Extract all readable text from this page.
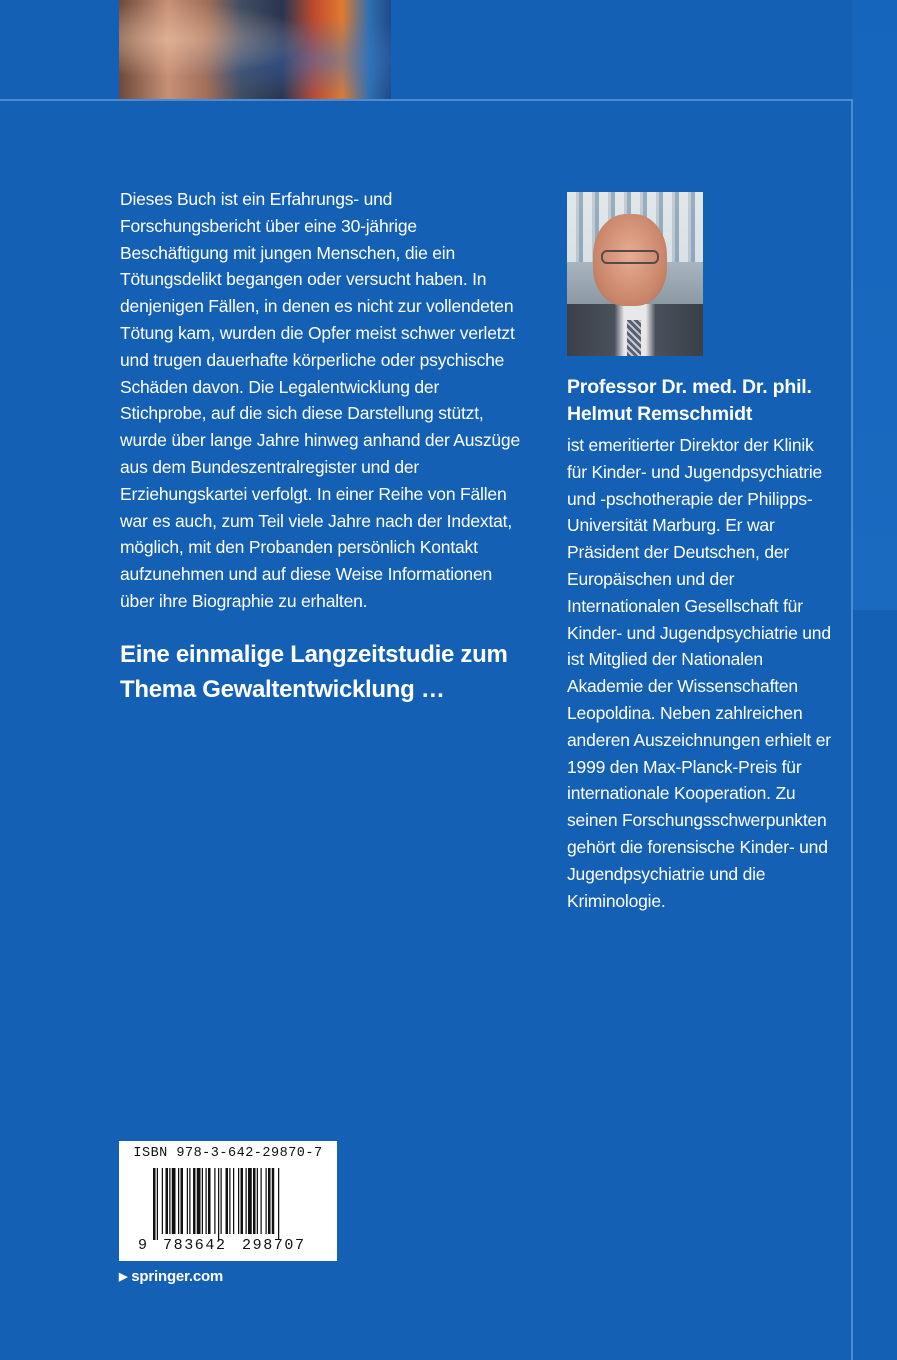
Dieses Buch ist ein Erfahrungs- und Forschungsbericht über eine 30-jährige Beschäftigung mit jungen Menschen, die ein Tötungsdelikt begangen oder versucht haben. In denjenigen Fällen, in denen es nicht zur vollendeten Tötung kam, wurden die Opfer meist schwer verletzt und trugen dauerhafte körperliche oder psychische Schäden davon. Die Legalentwicklung der Stichprobe, auf die sich diese Darstellung stützt, wurde über lange Jahre hinweg anhand der Auszüge aus dem Bundeszentralregister und der Erziehungskartei verfolgt. In einer Reihe von Fällen war es auch, zum Teil viele Jahre nach der Indextat, möglich, mit den Probanden persönlich Kontakt aufzunehmen und auf diese Weise Informationen über ihre Biographie zu erhalten.

Eine einmalige Langzeitstudie zum Thema Gewaltentwicklung …

Professor Dr. med. Dr. phil. Helmut Remschmidt

ist emeritierter Direktor der Klinik für Kinder- und Jugendpsychiatrie und -pschotherapie der Philipps-Universität Marburg. Er war Präsident der Deutschen, der Europäischen und der Internationalen Gesellschaft für Kinder- und Jugendpsychiatrie und ist Mitglied der Nationalen Akademie der Wissenschaften Leopoldina. Neben zahlreichen anderen Auszeichnungen erhielt er 1999 den Max-Planck-Preis für internationale Kooperation. Zu seinen Forschungsschwerpunkten gehört die forensische Kinder- und Jugendpsychiatrie und die Kriminologie.

ISBN 978-3-642-29870-7
9 783642 298707
▶ springer.com
